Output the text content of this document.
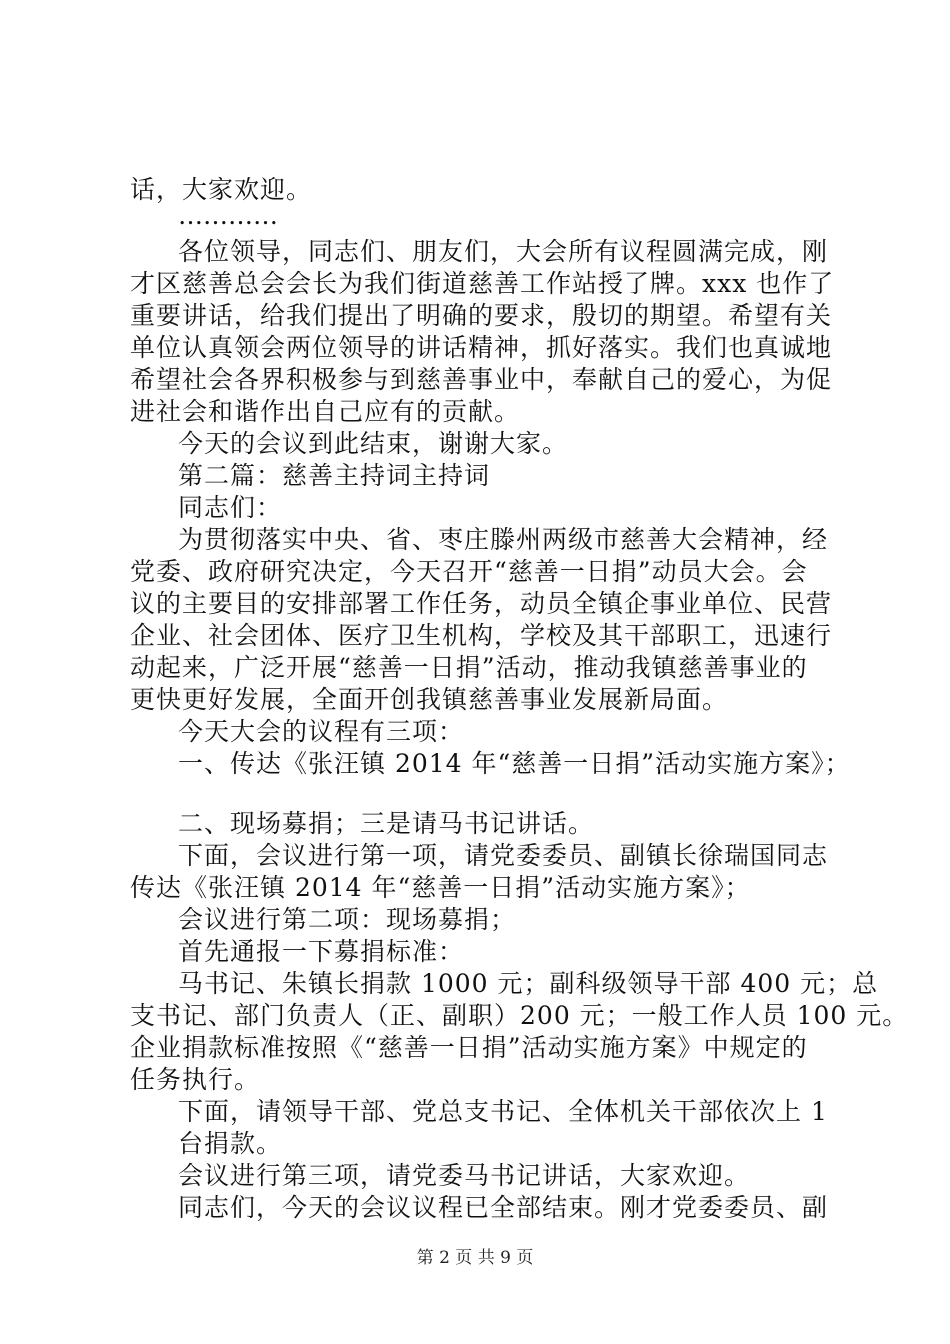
话，大家欢迎。
…………
各位领导，同志们、朋友们，大会所有议程圆满完成，刚
才区慈善总会会长为我们街道慈善工作站授了牌。xxx 也作了
重要讲话，给我们提出了明确的要求，殷切的期望。希望有关
单位认真领会两位领导的讲话精神，抓好落实。我们也真诚地
希望社会各界积极参与到慈善事业中，奉献自己的爱心，为促
进社会和谐作出自己应有的贡献。
今天的会议到此结束，谢谢大家。
第二篇：慈善主持词主持词
同志们：
为贯彻落实中央、省、枣庄滕州两级市慈善大会精神，经
党委、政府研究决定，今天召开“慈善一日捐”动员大会。会
议的主要目的安排部署工作任务，动员全镇企事业单位、民营
企业、社会团体、医疗卫生机构，学校及其干部职工，迅速行
动起来，广泛开展“慈善一日捐”活动，推动我镇慈善事业的
更快更好发展，全面开创我镇慈善事业发展新局面。
今天大会的议程有三项：
一、传达《张汪镇 2014 年“慈善一日捐”活动实施方案》；
二、现场募捐；三是请马书记讲话。
下面，会议进行第一项，请党委委员、副镇长徐瑞国同志
传达《张汪镇 2014 年“慈善一日捐”活动实施方案》；
会议进行第二项：现场募捐；
首先通报一下募捐标准：
马书记、朱镇长捐款 1000 元；副科级领导干部 400 元；总
支书记、部门负责人（正、副职）200 元；一般工作人员 100 元。
企业捐款标准按照《“慈善一日捐”活动实施方案》中规定的
任务执行。
下面，请领导干部、党总支书记、全体机关干部依次上 1
台捐款。
会议进行第三项，请党委马书记讲话，大家欢迎。
同志们，今天的会议议程已全部结束。刚才党委委员、副
第 2 页 共 9 页
